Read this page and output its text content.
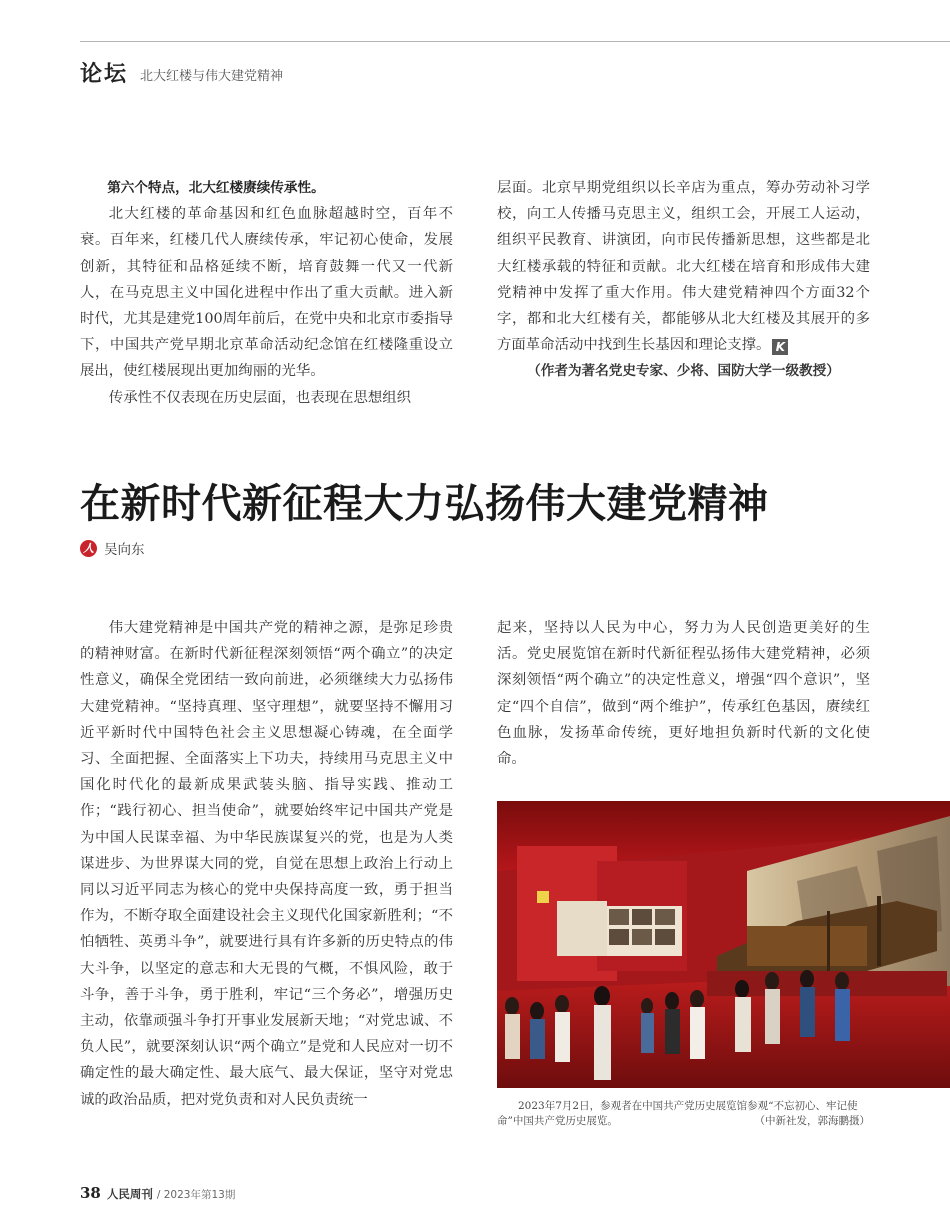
论坛 北大红楼与伟大建党精神

第六个特点，北大红楼赓续传承性。

北大红楼的革命基因和红色血脉超越时空，百年不衰。百年来，红楼几代人赓续传承，牢记初心使命，发展创新，其特征和品格延续不断，培育鼓舞一代又一代新人，在马克思主义中国化进程中作出了重大贡献。进入新时代，尤其是建党100周年前后，在党中央和北京市委指导下，中国共产党早期北京革命活动纪念馆在红楼隆重设立展出，使红楼展现出更加绚丽的光华。

传承性不仅表现在历史层面，也表现在思想组织

层面。北京早期党组织以长辛店为重点，筹办劳动补习学校，向工人传播马克思主义，组织工会，开展工人运动，组织平民教育、讲演团，向市民传播新思想，这些都是北大红楼承载的特征和贡献。北大红楼在培育和形成伟大建党精神中发挥了重大作用。伟大建党精神四个方面32个字，都和北大红楼有关，都能够从北大红楼及其展开的多方面革命活动中找到生长基因和理论支撑。 K

（作者为著名党史专家、少将、国防大学一级教授）

在新时代新征程大力弘扬伟大建党精神
人 吴向东

伟大建党精神是中国共产党的精神之源，是弥足珍贵的精神财富。在新时代新征程深刻领悟“两个确立”的决定性意义，确保全党团结一致向前进，必须继续大力弘扬伟大建党精神。“坚持真理、坚守理想”，就要坚持不懈用习近平新时代中国特色社会主义思想凝心铸魂，在全面学习、全面把握、全面落实上下功夫，持续用马克思主义中国化时代化的最新成果武装头脑、指导实践、推动工作；“践行初心、担当使命”，就要始终牢记中国共产党是为中国人民谋幸福、为中华民族谋复兴的党，也是为人类谋进步、为世界谋大同的党，自觉在思想上政治上行动上同以习近平同志为核心的党中央保持高度一致，勇于担当作为，不断夺取全面建设社会主义现代化国家新胜利；“不怕牺牲、英勇斗争”，就要进行具有许多新的历史特点的伟大斗争，以坚定的意志和大无畏的气概，不惧风险，敢于斗争，善于斗争，勇于胜利，牢记“三个务必”，增强历史主动，依靠顽强斗争打开事业发展新天地；“对党忠诚、不负人民”，就要深刻认识“两个确立”是党和人民应对一切不确定性的最大确定性、最大底气、最大保证，坚守对党忠诚的政治品质，把对党负责和对人民负责统一

起来，坚持以人民为中心，努力为人民创造更美好的生活。党史展览馆在新时代新征程弘扬伟大建党精神，必须深刻领悟“两个确立”的决定性意义，增强“四个意识”，坚定“四个自信”，做到“两个维护”，传承红色基因，赓续红色血脉，发扬革命传统，更好地担负新时代新的文化使命。

2023年7月2日，参观者在中国共产党历史展览馆参观“不忘初心、牢记使命”中国共产党历史展览。	（中新社发，郭海鹏摄）
38 人民周刊 / 2023年第13期
